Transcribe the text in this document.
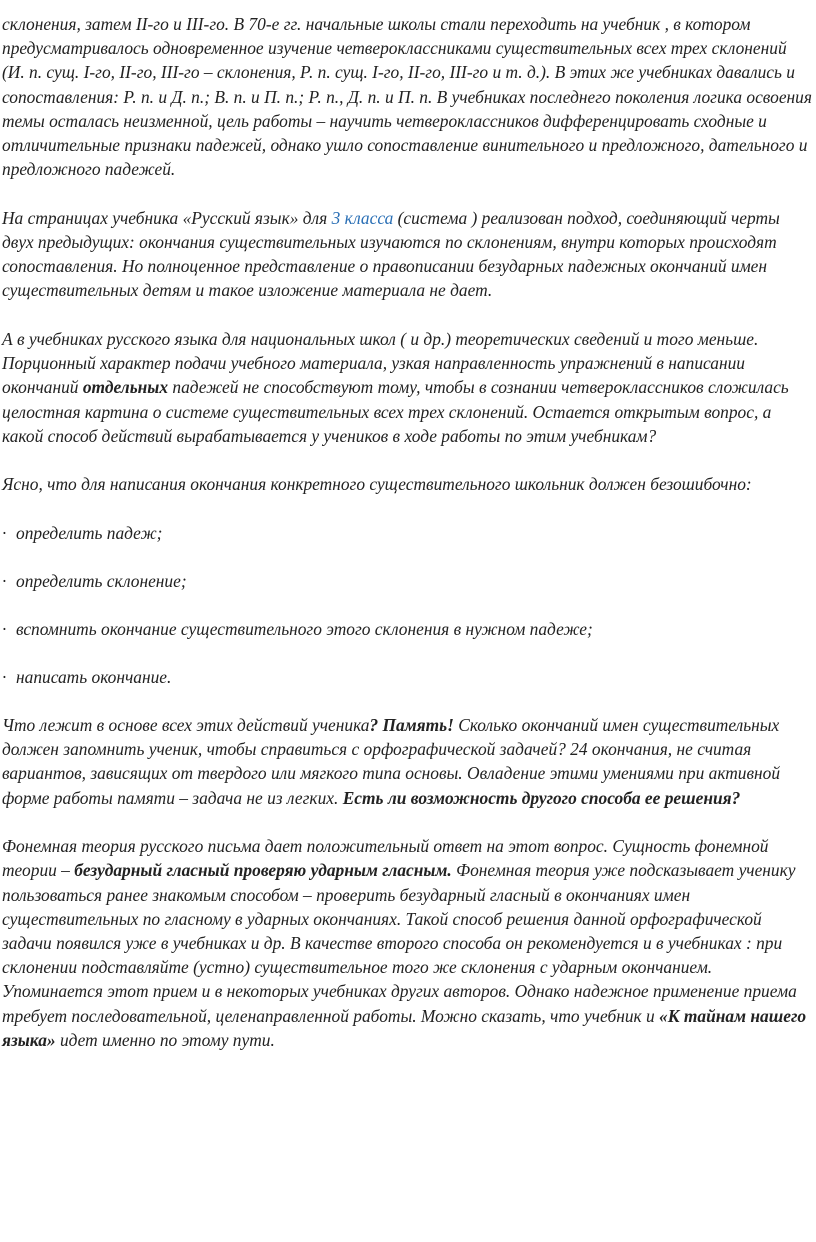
склонения, затем II-го и III-го. В 70-е гг. начальные школы стали переходить на учебник , в котором предусматривалось одновременное изучение четвероклассниками существительных всех трех склонений (И. п. сущ. I-го, II-го, III-го – склонения, Р. п. сущ. I-го, II-го, III-го и т. д.). В этих же учебниках давались и сопоставления: Р. п. и Д. п.; В. п. и П. п.; Р. п., Д. п. и П. п. В учебниках последнего поколения логика освоения темы осталась неизменной, цель работы – научить четвероклассников дифференцировать сходные и отличительные признаки падежей, однако ушло сопоставление винительного и предложного, дательного и предложного падежей.

На страницах учебника «Русский язык» для 3 класса (система ) реализован подход, соединяющий черты двух предыдущих: окончания существительных изучаются по склонениям, внутри которых происходят сопоставления. Но полноценное представление о правописании безударных падежных окончаний имен существительных детям и такое изложение материала не дает.

А в учебниках русского языка для национальных школ ( и др.) теоретических сведений и того меньше. Порционный характер подачи учебного материала, узкая направленность упражнений в написании окончаний отдельных падежей не способствуют тому, чтобы в сознании четвероклассников сложилась целостная картина о системе существительных всех трех склонений. Остается открытым вопрос, а какой способ действий вырабатывается у учеников в ходе работы по этим учебникам?

Ясно, что для написания окончания конкретного существительного школьник должен безошибочно:

· определить падеж;

· определить склонение;

· вспомнить окончание существительного этого склонения в нужном падеже;

· написать окончание.

Что лежит в основе всех этих действий ученика? Память! Сколько окончаний имен существительных должен запомнить ученик, чтобы справиться с орфографической задачей? 24 окончания, не считая вариантов, зависящих от твердого или мягкого типа основы. Овладение этими умениями при активной форме работы памяти – задача не из легких. Есть ли возможность другого способа ее решения?

Фонемная теория русского письма дает положительный ответ на этот вопрос. Сущность фонемной теории – безударный гласный проверяю ударным гласным. Фонемная теория уже подсказывает ученику пользоваться ранее знакомым способом – проверить безударный гласный в окончаниях имен существительных по гласному в ударных окончаниях. Такой способ решения данной орфографической задачи появился уже в учебниках и др. В качестве второго способа он рекомендуется и в учебниках : при склонении подставляйте (устно) существительное того же склонения с ударным окончанием. Упоминается этот прием и в некоторых учебниках других авторов. Однако надежное применение приема требует последовательной, целенаправленной работы. Можно сказать, что учебник и «К тайнам нашего языка» идет именно по этому пути.
